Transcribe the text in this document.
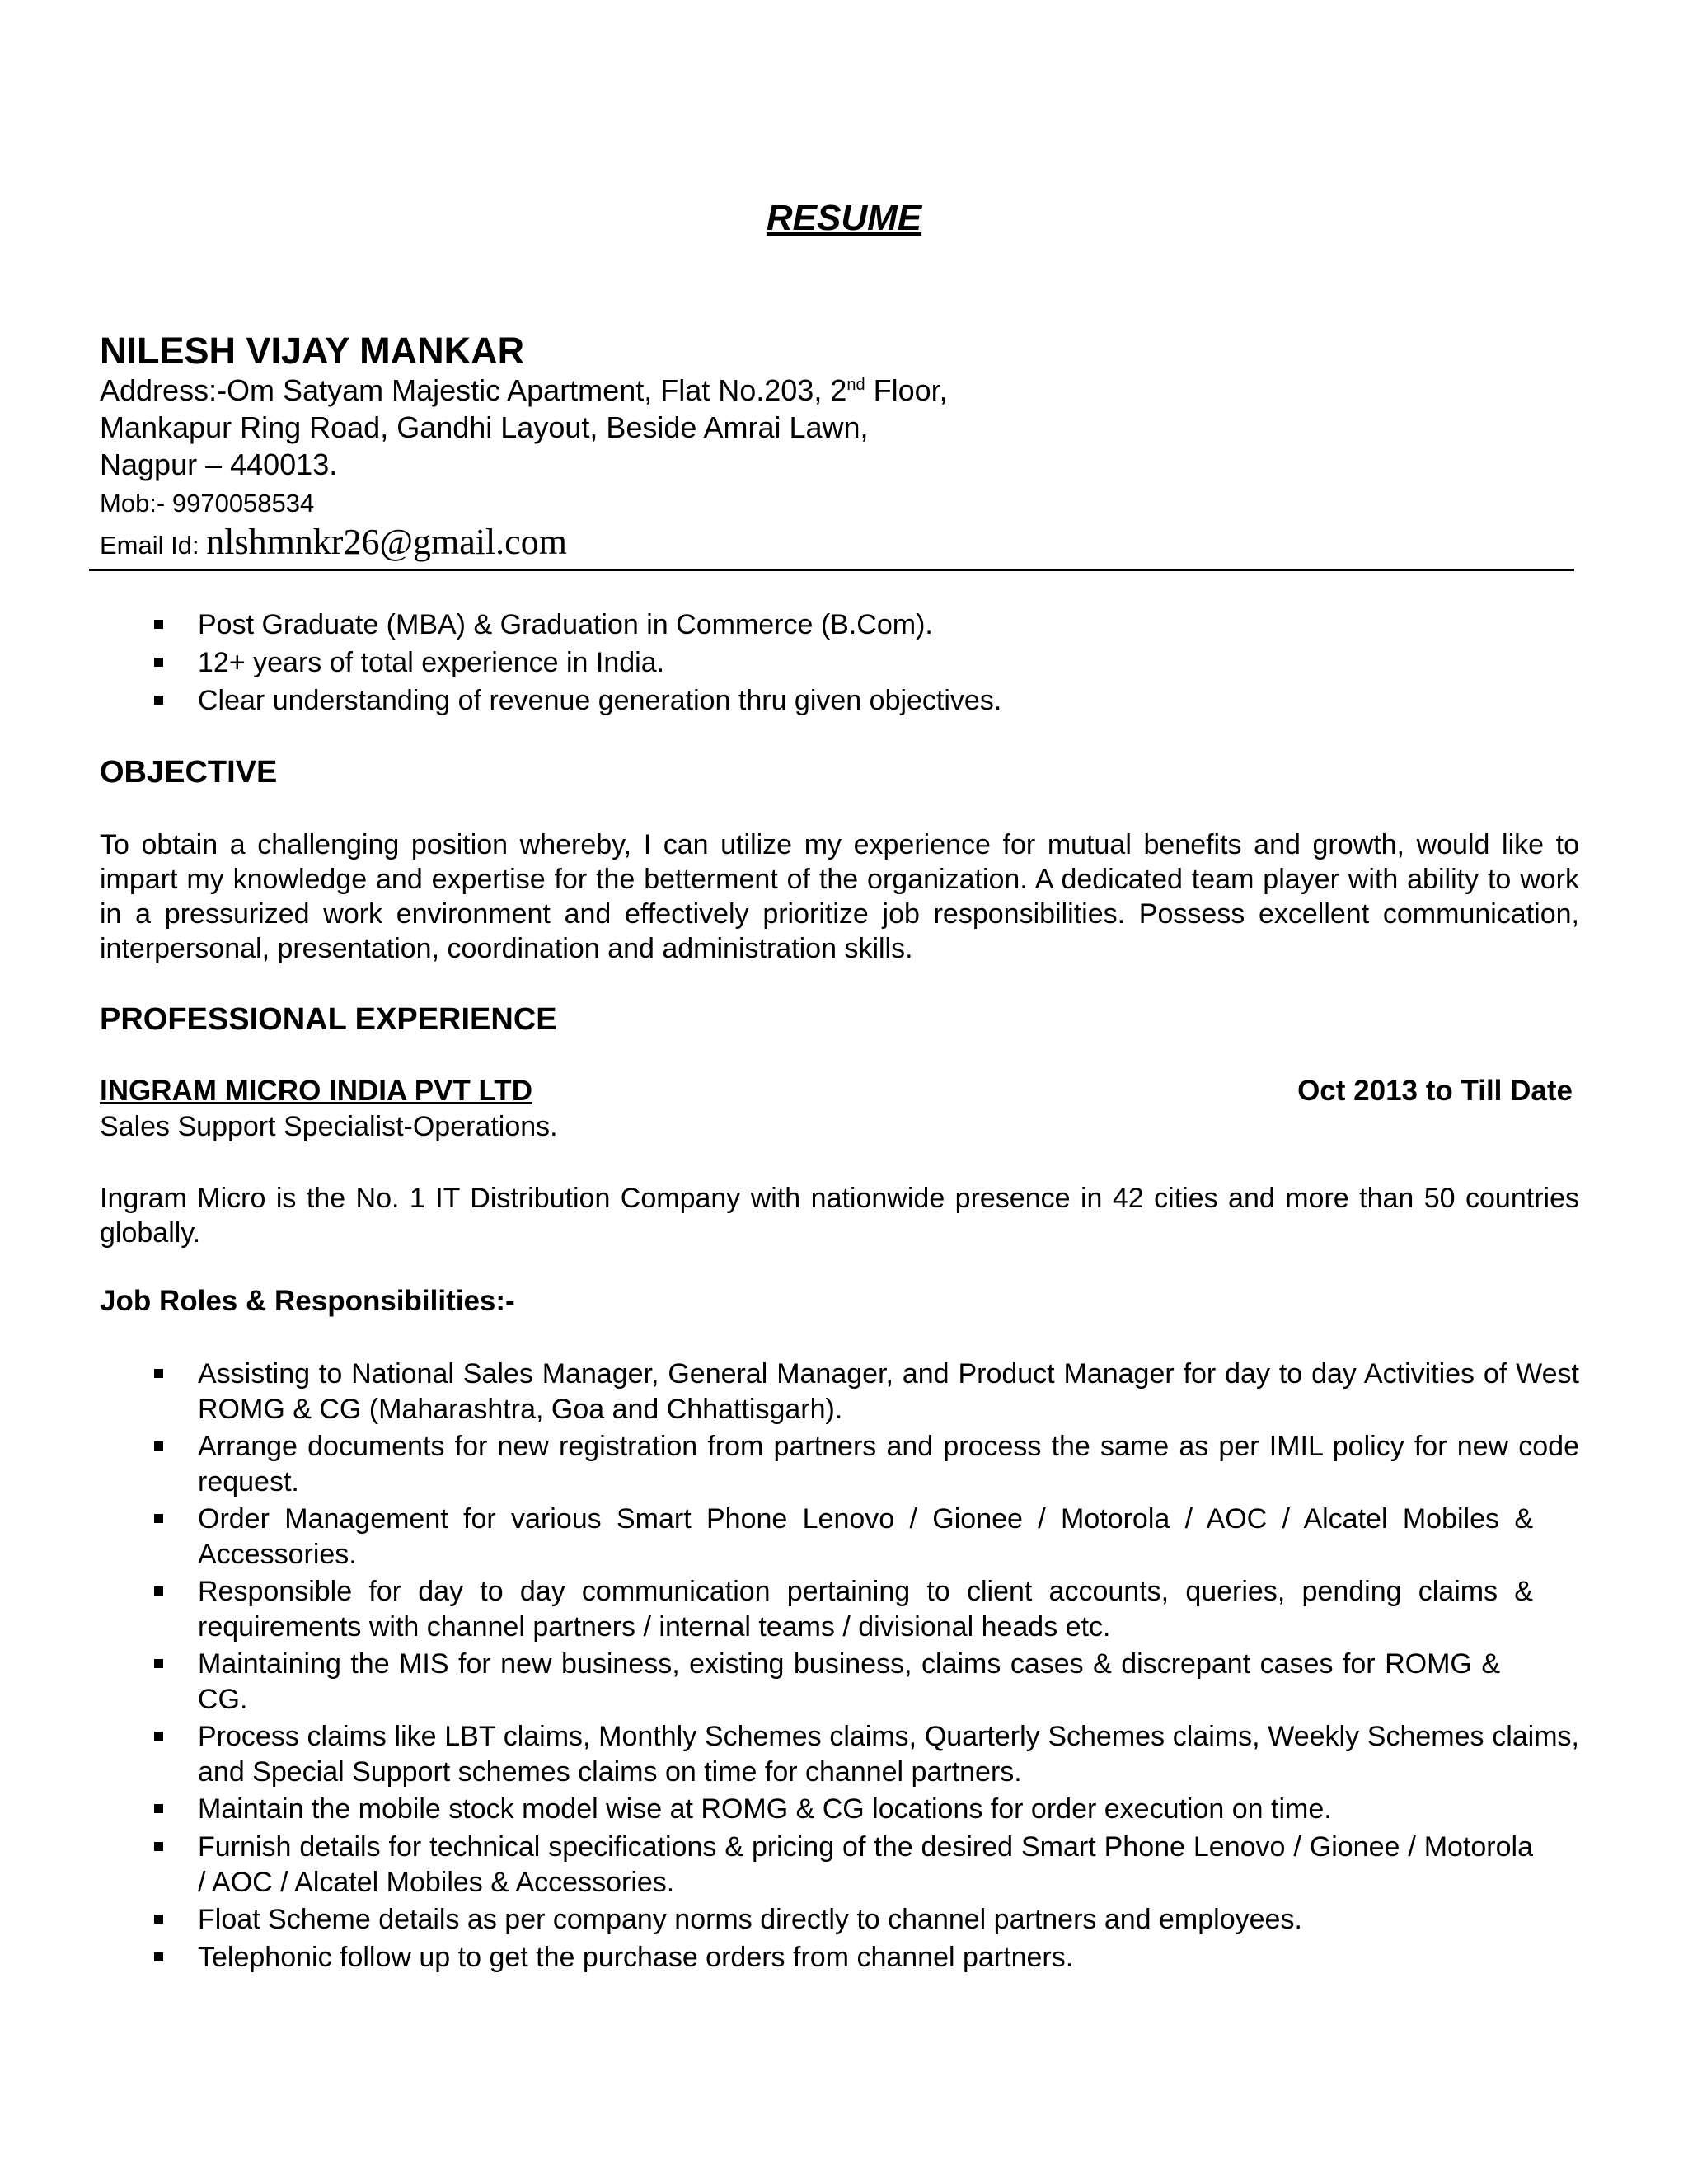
RESUME
NILESH VIJAY MANKAR
Address:-Om Satyam Majestic Apartment, Flat No.203, 2nd Floor,
Mankapur Ring Road, Gandhi Layout, Beside Amrai Lawn,
Nagpur – 440013.
Mob:- 9970058534
Email Id: nlshmnkr26@gmail.com
Post Graduate (MBA) & Graduation in Commerce (B.Com).
12+ years of total experience in India.
Clear understanding of revenue generation thru given objectives.
OBJECTIVE
To obtain a challenging position whereby, I can utilize my experience for mutual benefits and growth, would like to impart my knowledge and expertise for the betterment of the organization. A dedicated team player with ability to work in a pressurized work environment and effectively prioritize job responsibilities. Possess excellent communication, interpersonal, presentation, coordination and administration skills.
PROFESSIONAL EXPERIENCE
INGRAM MICRO INDIA PVT LTD	Oct 2013 to Till Date
Sales Support Specialist-Operations.
Ingram Micro is the No. 1 IT Distribution Company with nationwide presence in 42 cities and more than 50 countries globally.
Job Roles & Responsibilities:-
Assisting to National Sales Manager, General Manager, and Product Manager for day to day Activities of West ROMG & CG (Maharashtra, Goa and Chhattisgarh).
Arrange documents for new registration from partners and process the same as per IMIL policy for new code request.
Order Management for various Smart Phone Lenovo / Gionee / Motorola / AOC / Alcatel Mobiles & Accessories.
Responsible for day to day communication pertaining to client accounts, queries, pending claims & requirements with channel partners / internal teams / divisional heads etc.
Maintaining the MIS for new business, existing business, claims cases & discrepant cases for ROMG & CG.
Process claims like LBT claims, Monthly Schemes claims, Quarterly Schemes claims, Weekly Schemes claims, and Special Support schemes claims on time for channel partners.
Maintain the mobile stock model wise at ROMG & CG locations for order execution on time.
Furnish details for technical specifications & pricing of the desired Smart Phone Lenovo / Gionee / Motorola / AOC / Alcatel Mobiles & Accessories.
Float Scheme details as per company norms directly to channel partners and employees.
Telephonic follow up to get the purchase orders from channel partners.
